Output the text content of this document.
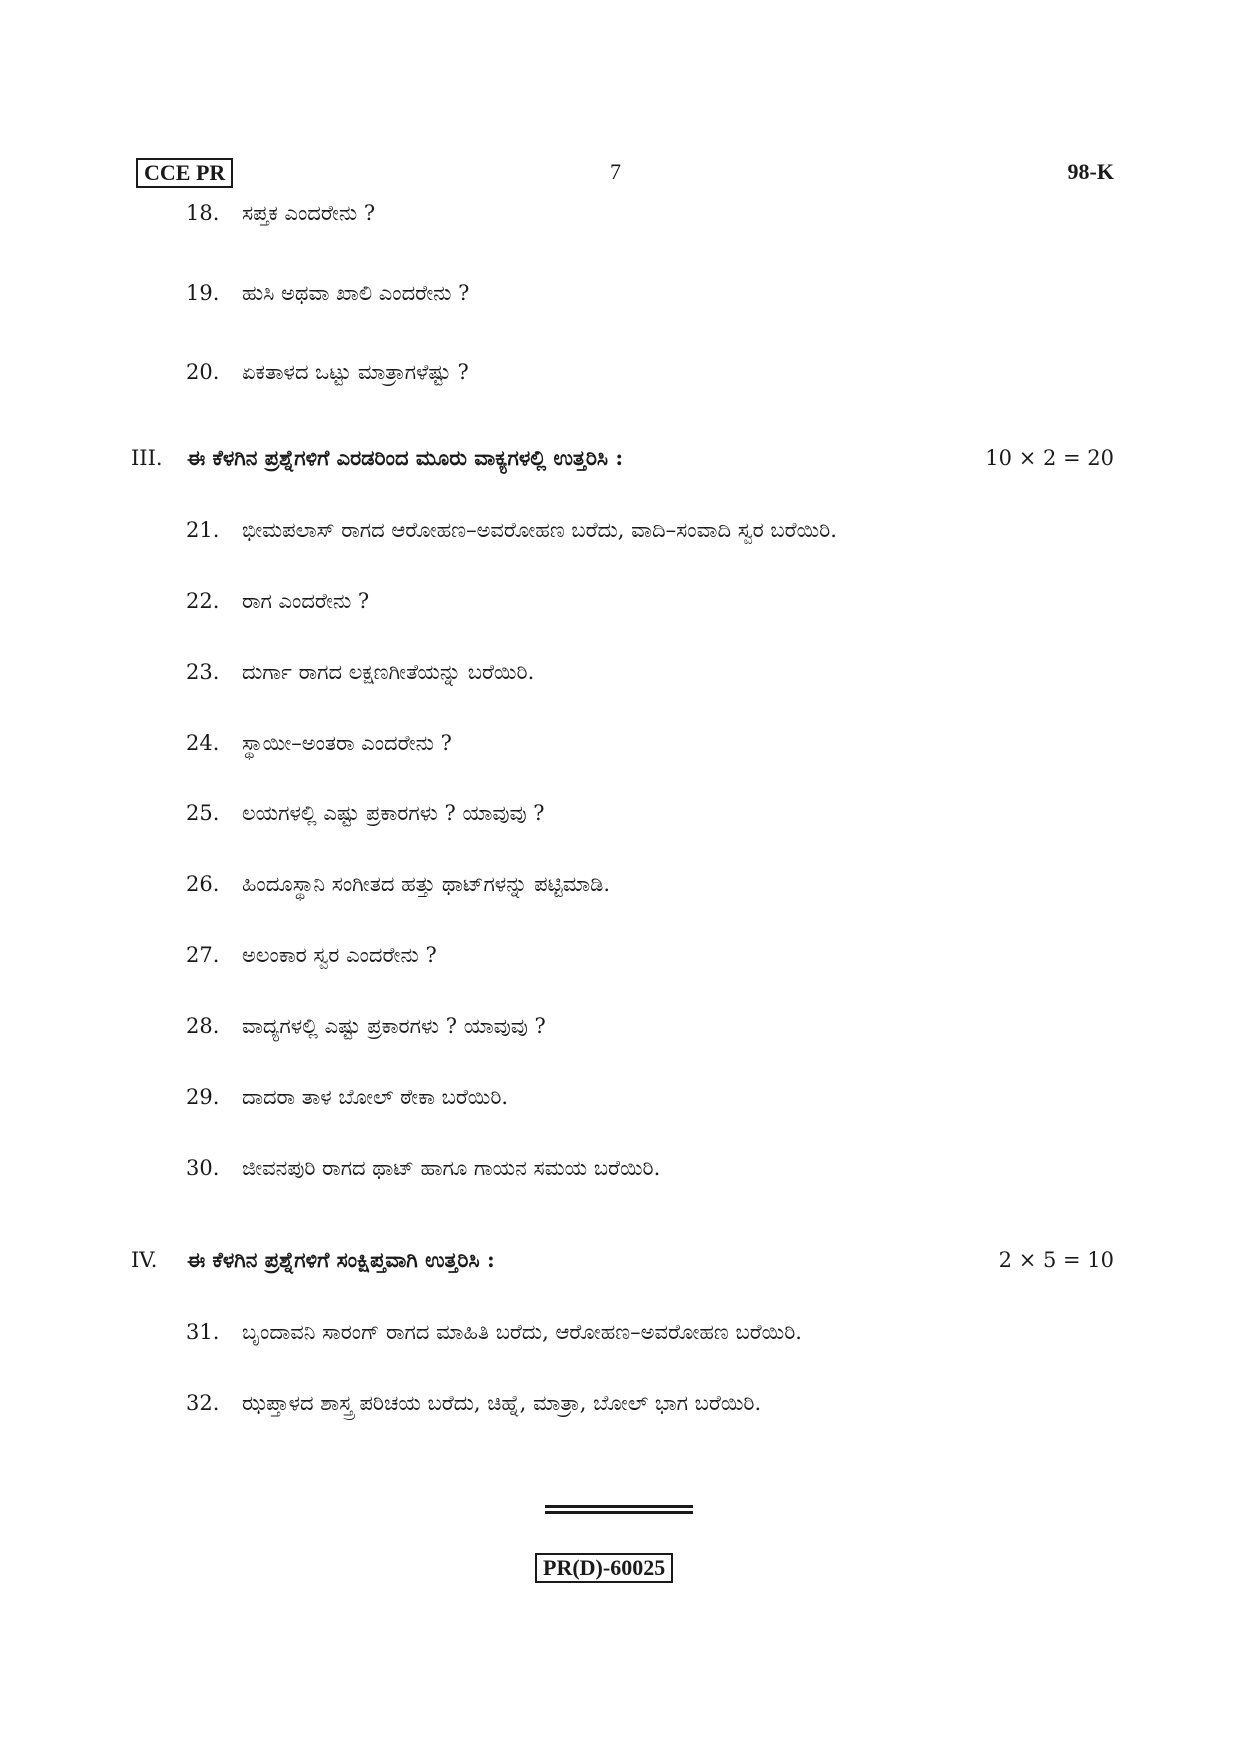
CCE PR	7	98-K
18. ಸಪ್ತಕ ಎಂದರೇನು ?
19. ಹುಸಿ ಅಥವಾ ಖಾಲಿ ಎಂದರೇನು ?
20. ಏಕತಾಳದ ಒಟ್ಟು ಮಾತ್ರಾಗಳೆಷ್ಟು ?
III. ಈ ಕೆಳಗಿನ ಪ್ರಶ್ನೆಗಳಿಗೆ ಎರಡರಿಂದ ಮೂರು ವಾಕ್ಯಗಳಲ್ಲಿ ಉತ್ತರಿಸಿ :	10 × 2 = 20
21. ಭೀಮಪಲಾಸ್ ರಾಗದ ಆರೋಹಣ–ಅವರೋಹಣ ಬರೆದು, ವಾದಿ–ಸಂವಾದಿ ಸ್ವರ ಬರೆಯಿರಿ.
22. ರಾಗ ಎಂದರೇನು ?
23. ದುರ್ಗಾ ರಾಗದ ಲಕ್ಷಣಗೀತೆಯನ್ನು ಬರೆಯಿರಿ.
24. ಸ್ಥಾಯೀ–ಅಂತರಾ ಎಂದರೇನು ?
25. ಲಯಗಳಲ್ಲಿ ಎಷ್ಟು ಪ್ರಕಾರಗಳು ? ಯಾವುವು ?
26. ಹಿಂದೂಸ್ಥಾನಿ ಸಂಗೀತದ ಹತ್ತು ಥಾಟ್‌ಗಳನ್ನು ಪಟ್ಟಿಮಾಡಿ.
27. ಅಲಂಕಾರ ಸ್ವರ ಎಂದರೇನು ?
28. ವಾದ್ಯಗಳಲ್ಲಿ ಎಷ್ಟು ಪ್ರಕಾರಗಳು ? ಯಾವುವು ?
29. ದಾದರಾ ತಾಳ ಬೋಲ್ ಠೇಕಾ ಬರೆಯಿರಿ.
30. ಜೀವನಪುರಿ ರಾಗದ ಥಾಟ್ ಹಾಗೂ ಗಾಯನ ಸಮಯ ಬರೆಯಿರಿ.
IV. ಈ ಕೆಳಗಿನ ಪ್ರಶ್ನೆಗಳಿಗೆ ಸಂಕ್ಷಿಪ್ತವಾಗಿ ಉತ್ತರಿಸಿ :	2 × 5 = 10
31. ಬೃಂದಾವನಿ ಸಾರಂಗ್ ರಾಗದ ಮಾಹಿತಿ ಬರೆದು, ಆರೋಹಣ–ಅವರೋಹಣ ಬರೆಯಿರಿ.
32. ಝಪ್ತಾಳದ ಶಾಸ್ತ್ರ ಪರಿಚಯ ಬರೆದು, ಚಿಹ್ನೆ, ಮಾತ್ರಾ, ಬೋಲ್ ಭಾಗ ಬರೆಯಿರಿ.
PR(D)-60025
